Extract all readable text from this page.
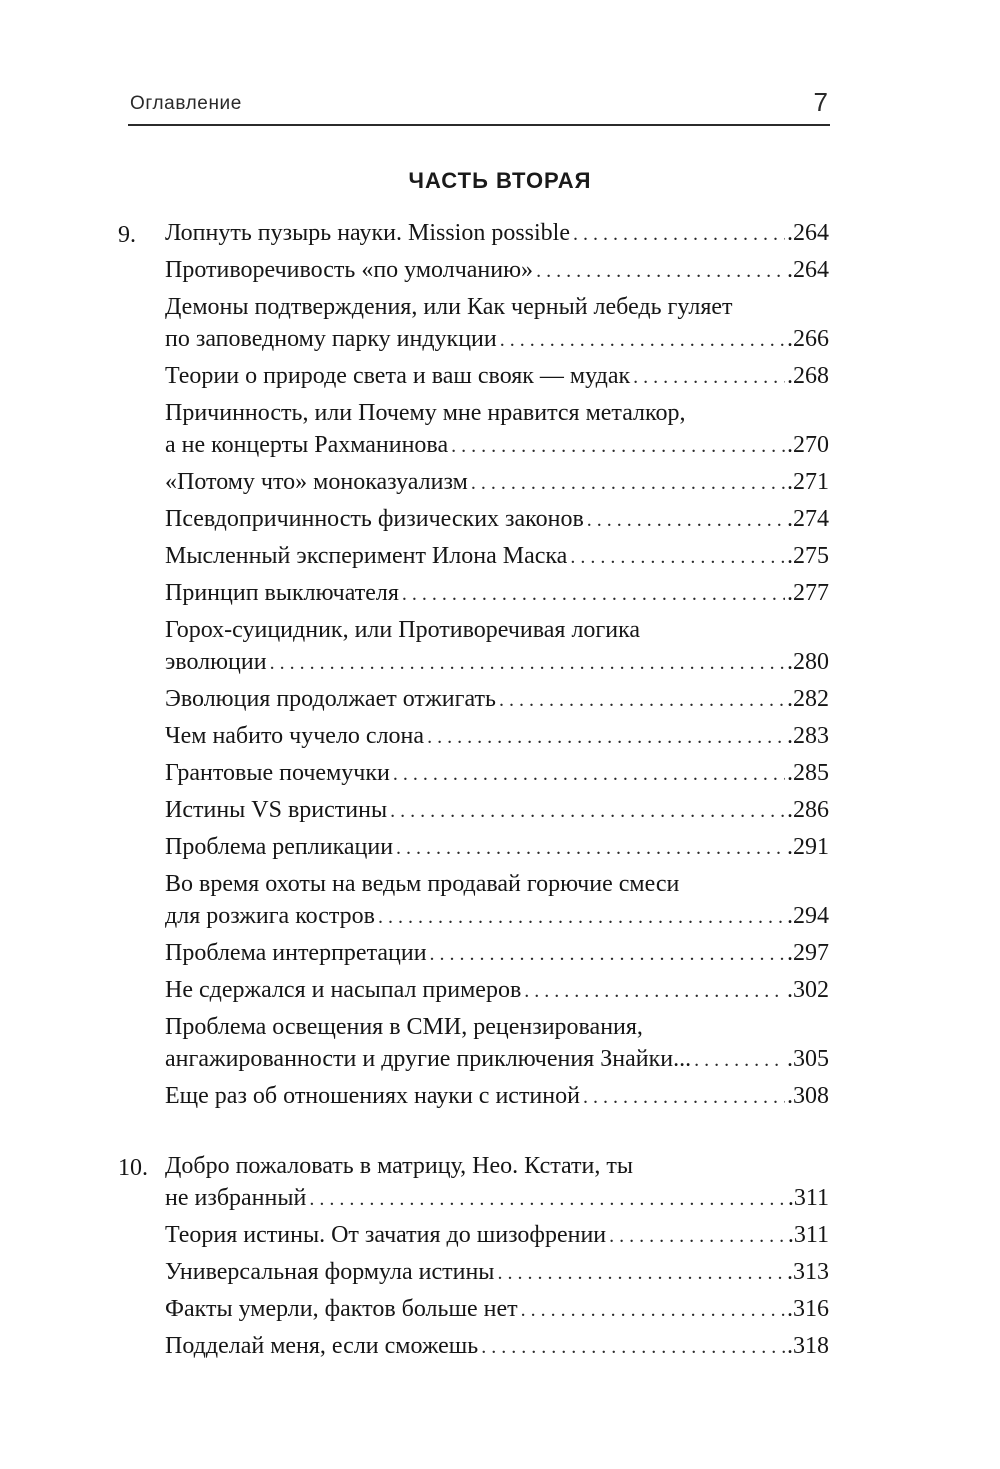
Оглавление	7
ЧАСТЬ ВТОРАЯ
9.	Лопнуть пузырь науки. Mission possible . . .	.264
Противоречивость «по умолчанию» . . .	.264
Демоны подтверждения, или Как черный лебедь гуляет
по заповедному парку индукции . . .	.266
Теории о природе света и ваш свояк — мудак . . .	.268
Причинность, или Почему мне нравится металкор,
а не концерты Рахманинова . . .	.270
«Потому что» моноказуализм . . .	.271
Псевдопричинность физических законов . . .	.274
Мысленный эксперимент Илона Маска . . .	.275
Принцип выключателя . . .	.277
Горох-суицидник, или Противоречивая логика
эволюции . . .	.280
Эволюция продолжает отжигать . . .	.282
Чем набито чучело слона . . .	.283
Грантовые почемучки . . .	.285
Истины VS вристины . . .	.286
Проблема репликации . . .	.291
Во время охоты на ведьм продавай горючие смеси
для розжига костров . . .	.294
Проблема интерпретации . . .	.297
Не сдержался и насыпал примеров . . .	.302
Проблема освещения в СМИ, рецензирования,
ангажированности и другие приключения Знайки... . . .	.305
Еще раз об отношениях науки с истиной . . .	.308
10. Добро пожаловать в матрицу, Нео. Кстати, ты
не избранный . . .	.311
Теория истины. От зачатия до шизофрении . . .	.311
Универсальная формула истины . . .	.313
Факты умерли, фактов больше нет . . .	.316
Подделай меня, если сможешь . . .	.318
